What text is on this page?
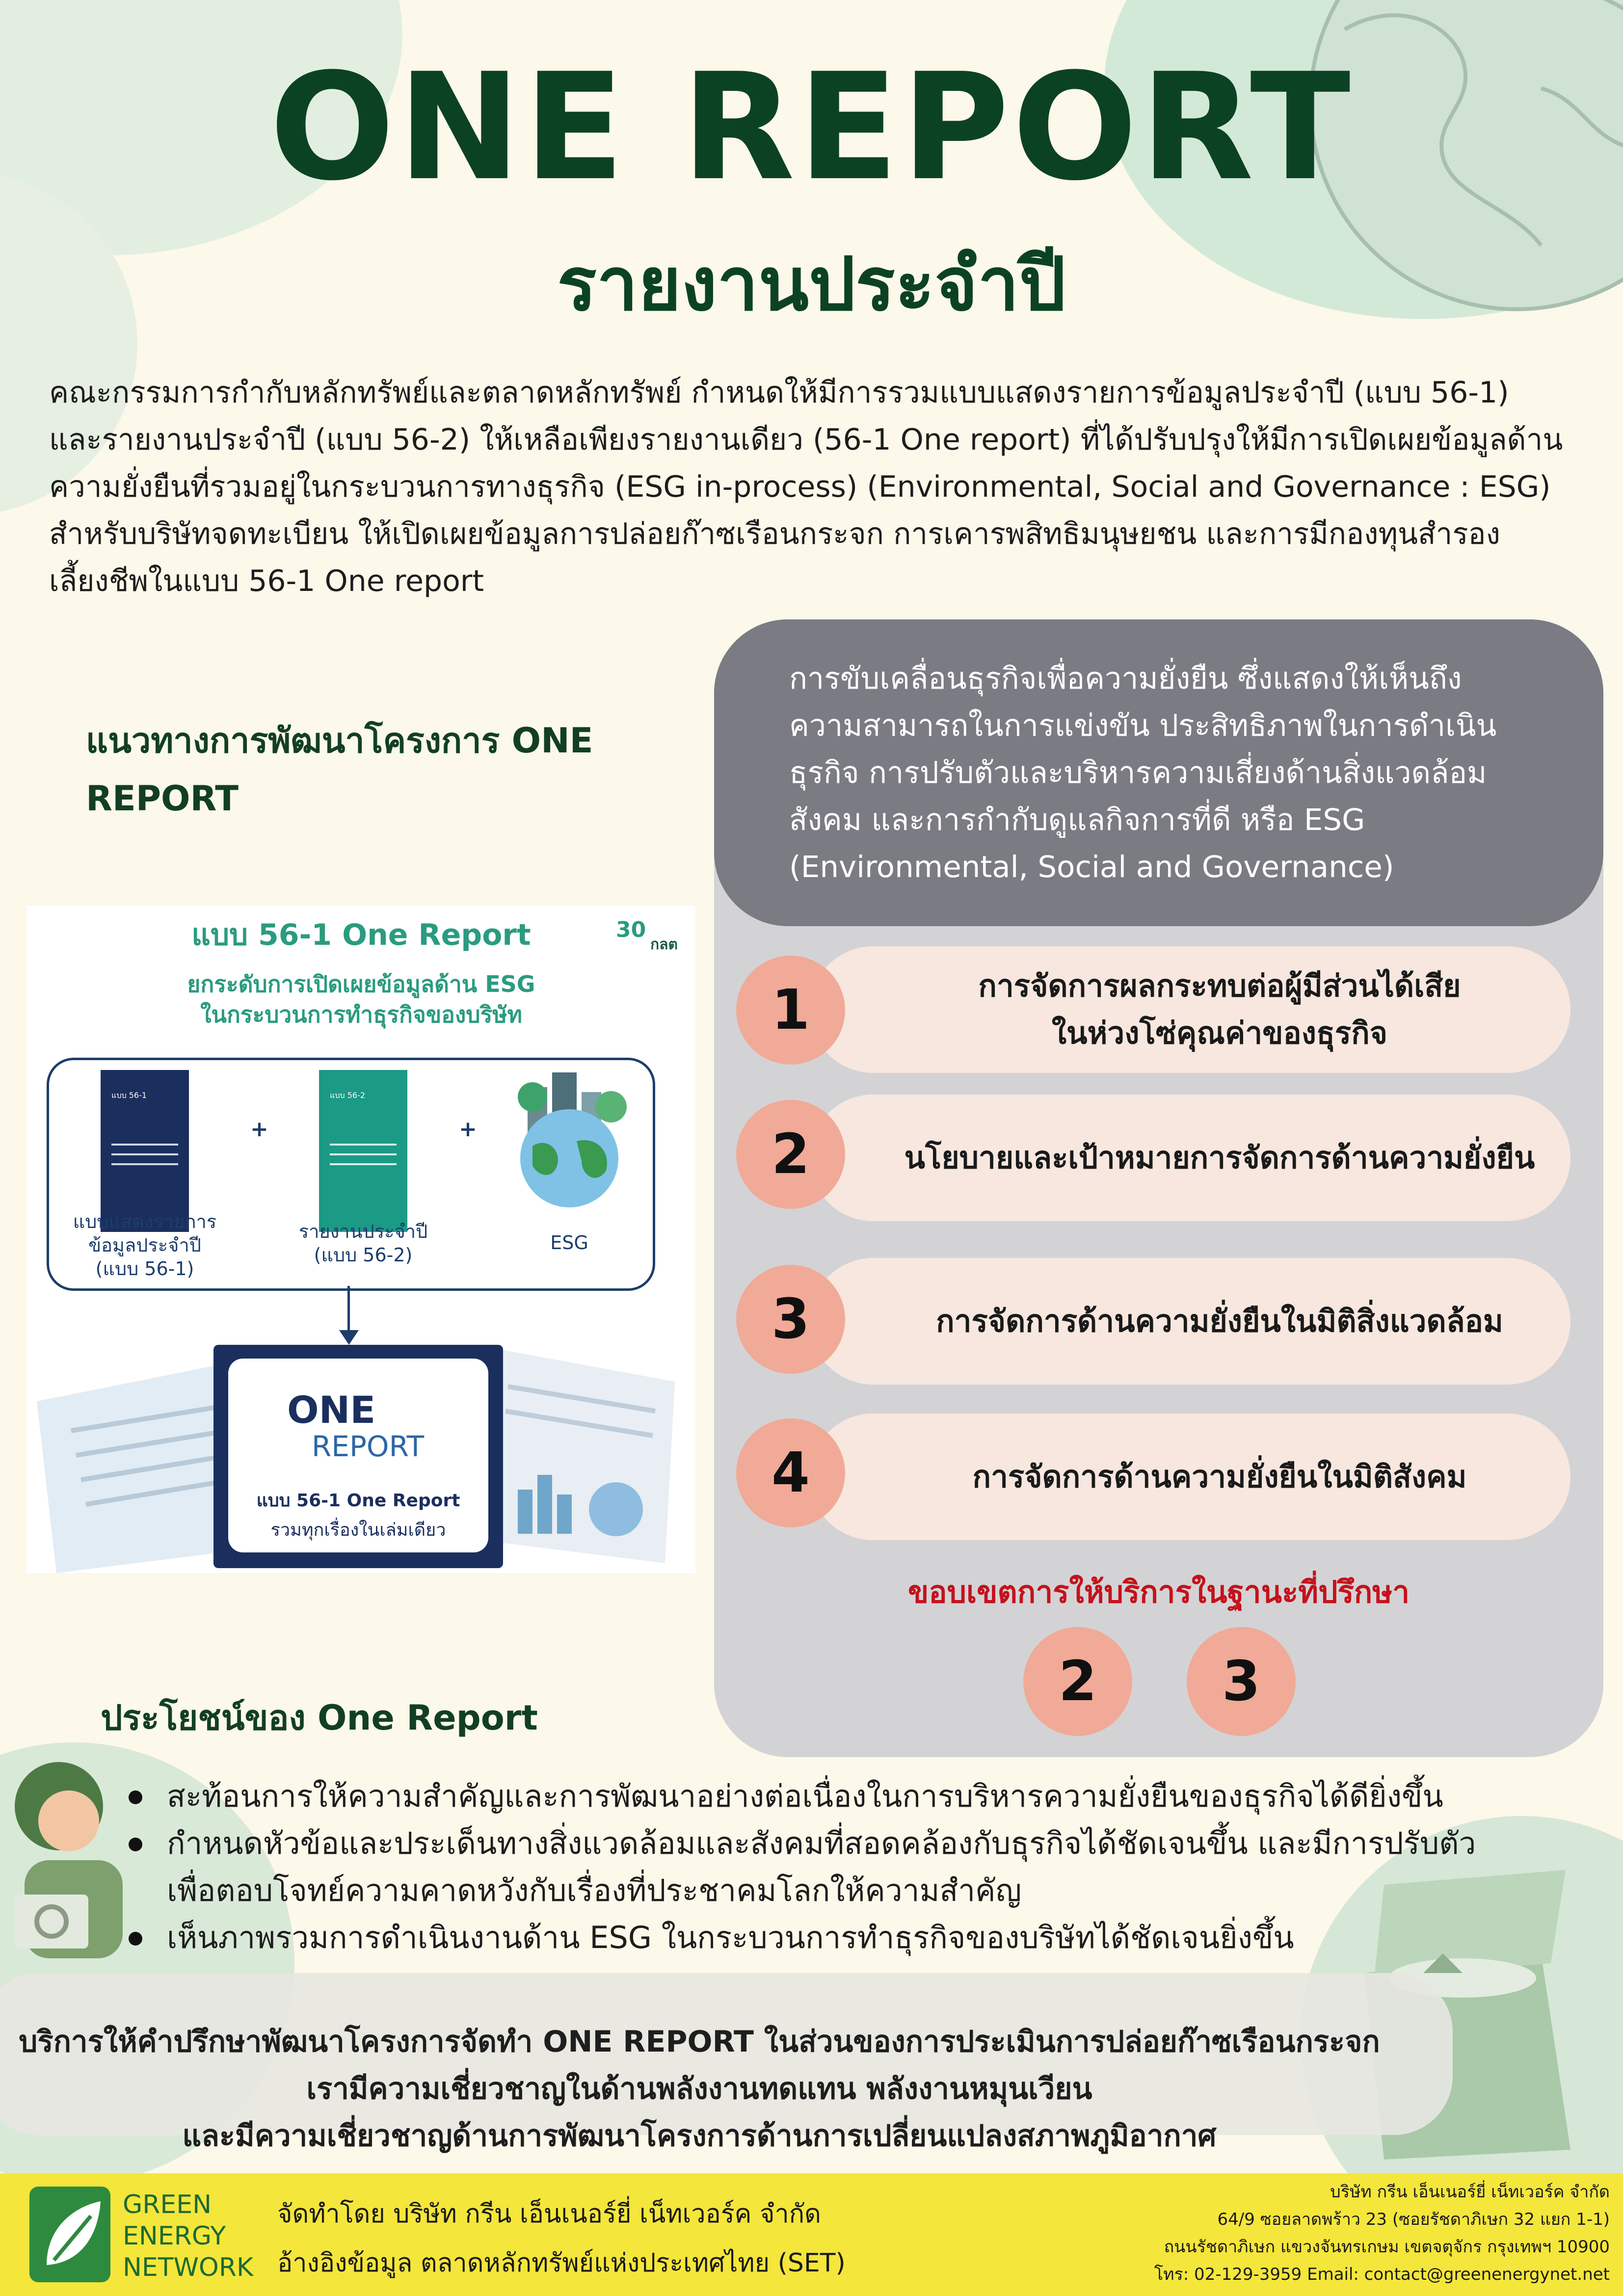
ONE REPORT
รายงานประจำปี

คณะกรรมการกำกับหลักทรัพย์และตลาดหลักทรัพย์ กำหนดให้มีการรวมแบบแสดงรายการข้อมูลประจำปี (แบบ 56-1)

และรายงานประจำปี (แบบ 56-2) ให้เหลือเพียงรายงานเดียว (56-1 One report) ที่ได้ปรับปรุงให้มีการเปิดเผยข้อมูลด้าน

ความยั่งยืนที่รวมอยู่ในกระบวนการทางธุรกิจ (ESG in-process) (Environmental, Social and Governance : ESG)

สำหรับบริษัทจดทะเบียน ให้เปิดเผยข้อมูลการปล่อยก๊าซเรือนกระจก การเคารพสิทธิมนุษยชน และการมีกองทุนสำรอง

เลี้ยงชีพในแบบ 56-1 One report

แนวทางการพัฒนาโครงการ ONE
REPORT
แบบ 56-1 One Report	30
กลต
ยกระดับการเปิดเผยข้อมูลด้าน ESG
ในกระบวนการทำธุรกิจของบริษัท
แบบ 56-1
+
แบบ 56-2
+
แบบแสดงรายการ
ข้อมูลประจำปี
(แบบ 56-1)
รายงานประจำปี
(แบบ 56-2)
ESG
ONE
REPORT
แบบ 56-1 One Report
รวมทุกเรื่องในเล่มเดียว
การขับเคลื่อนธุรกิจเพื่อความยั่งยืน ซึ่งแสดงให้เห็นถึง
ความสามารถในการแข่งขัน ประสิทธิภาพในการดำเนิน
ธุรกิจ การปรับตัวและบริหารความเสี่ยงด้านสิ่งแวดล้อม
สังคม และการกำกับดูแลกิจการที่ดี หรือ ESG
(Environmental, Social and Governance)
การจัดการผลกระทบต่อผู้มีส่วนได้เสีย
ในห่วงโซ่คุณค่าของธุรกิจ
1
นโยบายและเป้าหมายการจัดการด้านความยั่งยืน
2
การจัดการด้านความยั่งยืนในมิติสิ่งแวดล้อม
3
การจัดการด้านความยั่งยืนในมิติสังคม
4
ขอบเขตการให้บริการในฐานะที่ปรึกษา
2	3
ประโยชน์ของ One Report
สะท้อนการให้ความสำคัญและการพัฒนาอย่างต่อเนื่องในการบริหารความยั่งยืนของธุรกิจได้ดียิ่งขึ้น
กำหนดหัวข้อและประเด็นทางสิ่งแวดล้อมและสังคมที่สอดคล้องกับธุรกิจได้ชัดเจนขึ้น และมีการปรับตัว
เพื่อตอบโจทย์ความคาดหวังกับเรื่องที่ประชาคมโลกให้ความสำคัญ
เห็นภาพรวมการดำเนินงานด้าน ESG ในกระบวนการทำธุรกิจของบริษัทได้ชัดเจนยิ่งขึ้น
บริการให้คำปรึกษาพัฒนาโครงการจัดทำ ONE REPORT ในส่วนของการประเมินการปล่อยก๊าซเรือนกระจก
เรามีความเชี่ยวชาญในด้านพลังงานทดแทน พลังงานหมุนเวียน
และมีความเชี่ยวชาญด้านการพัฒนาโครงการด้านการเปลี่ยนแปลงสภาพภูมิอากาศ
GREEN
ENERGY
NETWORK
จัดทำโดย บริษัท กรีน เอ็นเนอร์ยี่ เน็ทเวอร์ค จำกัด
อ้างอิงข้อมูล ตลาดหลักทรัพย์แห่งประเทศไทย (SET)
บริษัท กรีน เอ็นเนอร์ยี่ เน็ทเวอร์ค จำกัด
64/9 ซอยลาดพร้าว 23 (ซอยรัชดาภิเษก 32 แยก 1-1)
ถนนรัชดาภิเษก แขวงจันทรเกษม เขตจตุจักร กรุงเทพฯ 10900
โทร: 02-129-3959 Email: contact@greenenergynet.net
